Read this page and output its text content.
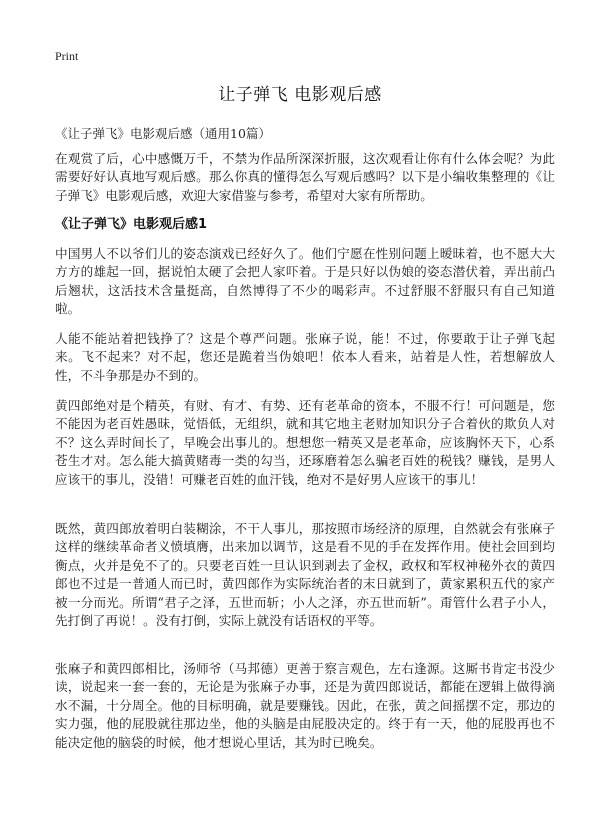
Print
让子弹飞 电影观后感
《让子弹飞》电影观后感（通用10篇）

在观赏了后，心中感慨万千，不禁为作品所深深折服，这次观看让你有什么体会呢？为此需要好好认真地写观后感。那么你真的懂得怎么写观后感吗？以下是小编收集整理的《让子弹飞》电影观后感，欢迎大家借鉴与参考，希望对大家有所帮助。

《让子弹飞》电影观后感1

中国男人不以爷们儿的姿态演戏已经好久了。他们宁愿在性别问题上暧昧着，也不愿大大方方的雄起一回，据说怕太硬了会把人家吓着。于是只好以伪娘的姿态潜伏着，弄出前凸后翘状，这活技术含量挺高，自然博得了不少的喝彩声。不过舒服不舒服只有自己知道啦。

人能不能站着把钱挣了？这是个尊严问题。张麻子说，能！不过，你要敢于让子弹飞起来。飞不起来？对不起，您还是跪着当伪娘吧！依本人看来，站着是人性，若想解放人性，不斗争那是办不到的。

黄四郎绝对是个精英，有财、有才、有势、还有老革命的资本，不服不行！可问题是，您不能因为老百姓愚昧，觉悟低，无组织，就和其它地主老财加知识分子合着伙的欺负人对不？这么弄时间长了，早晚会出事儿的。想想您一精英又是老革命，应该胸怀天下，心系苍生才对。怎么能大搞黄赌毒一类的勾当，还琢磨着怎么骗老百姓的税钱？赚钱，是男人应该干的事儿，没错！可赚老百姓的血汗钱，绝对不是好男人应该干的事儿！

既然，黄四郎放着明白装糊涂，不干人事儿，那按照市场经济的原理，自然就会有张麻子这样的继续革命者义愤填膺，出来加以调节，这是看不见的手在发挥作用。使社会回到均衡点，火并是免不了的。只要老百姓一旦认识到剥去了金权，政权和军权神秘外衣的黄四郎也不过是一普通人而已时，黄四郎作为实际统治者的末日就到了，黄家累积五代的家产被一分而光。所谓“君子之泽，五世而斩；小人之泽，亦五世而斩”。甭管什么君子小人，先打倒了再说！。没有打倒，实际上就没有话语权的平等。

张麻子和黄四郎相比，汤师爷（马邦德）更善于察言观色，左右逢源。这厮书肯定书没少读，说起来一套一套的，无论是为张麻子办事，还是为黄四郎说话，都能在逻辑上做得滴水不漏，十分周全。他的目标明确，就是要赚钱。因此，在张，黄之间摇摆不定，那边的实力强，他的屁股就往那边坐，他的头脑是由屁股决定的。终于有一天，他的屁股再也不能决定他的脑袋的时候，他才想说心里话，其为时已晚矣。
